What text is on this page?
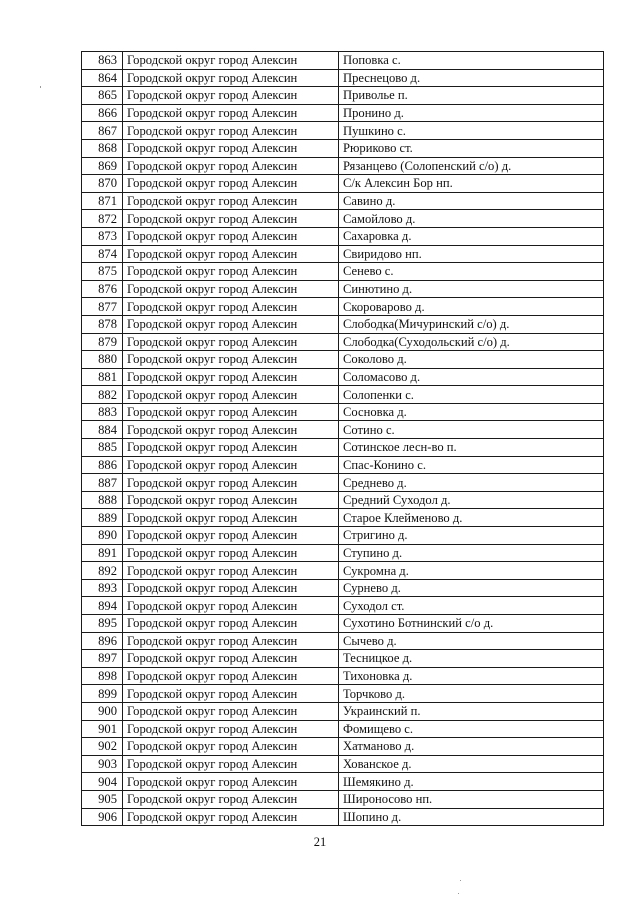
863	Городской округ город Алексин	Поповка с.
864	Городской округ город Алексин	Преснецово д.
865	Городской округ город Алексин	Приволье п.
866	Городской округ город Алексин	Пронино д.
867	Городской округ город Алексин	Пушкино с.
868	Городской округ город Алексин	Рюриково ст.
869	Городской округ город Алексин	Рязанцево (Солопенский с/о) д.
870	Городской округ город Алексин	С/к Алексин Бор нп.
871	Городской округ город Алексин	Савино д.
872	Городской округ город Алексин	Самойлово д.
873	Городской округ город Алексин	Сахаровка д.
874	Городской округ город Алексин	Свиридово нп.
875	Городской округ город Алексин	Сенево с.
876	Городской округ город Алексин	Синютино д.
877	Городской округ город Алексин	Скороварово д.
878	Городской округ город Алексин	Слободка(Мичуринский с/о) д.
879	Городской округ город Алексин	Слободка(Суходольский с/о) д.
880	Городской округ город Алексин	Соколово д.
881	Городской округ город Алексин	Соломасово д.
882	Городской округ город Алексин	Солопенки с.
883	Городской округ город Алексин	Сосновка д.
884	Городской округ город Алексин	Сотино с.
885	Городской округ город Алексин	Сотинское лесн-во п.
886	Городской округ город Алексин	Спас-Конино с.
887	Городской округ город Алексин	Среднево д.
888	Городской округ город Алексин	Средний Суходол д.
889	Городской округ город Алексин	Старое Клейменово д.
890	Городской округ город Алексин	Стригино д.
891	Городской округ город Алексин	Ступино д.
892	Городской округ город Алексин	Сукромна д.
893	Городской округ город Алексин	Сурнево д.
894	Городской округ город Алексин	Суходол ст.
895	Городской округ город Алексин	Сухотино Ботнинский с/о д.
896	Городской округ город Алексин	Сычево д.
897	Городской округ город Алексин	Тесницкое д.
898	Городской округ город Алексин	Тихоновка д.
899	Городской округ город Алексин	Торчково д.
900	Городской округ город Алексин	Украинский п.
901	Городской округ город Алексин	Фомищево с.
902	Городской округ город Алексин	Хатманово д.
903	Городской округ город Алексин	Хованское д.
904	Городской округ город Алексин	Шемякино д.
905	Городской округ город Алексин	Широносово нп.
906	Городской округ город Алексин	Шопино д.
21
